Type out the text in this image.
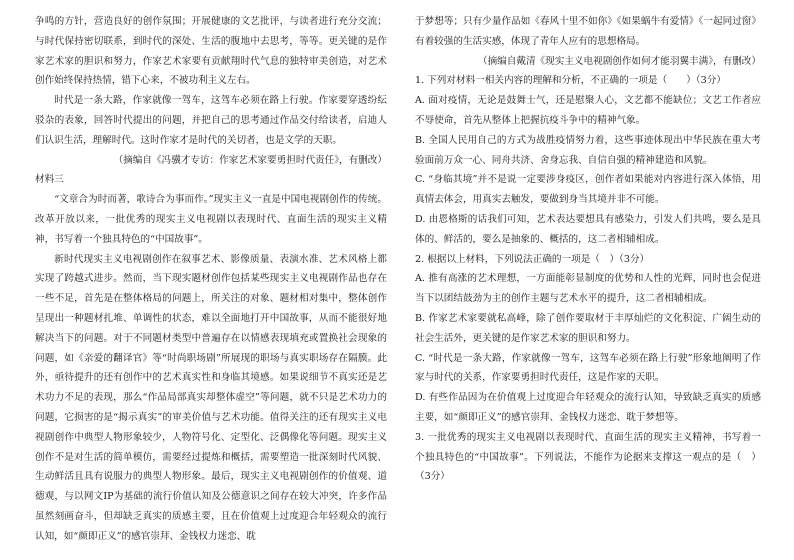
争鸣的方针，营造良好的创作氛围；开展健康的文艺批评，与读者进行充分交流；与时代保持密切联系，到时代的深处、生活的腹地中去思考，等等。更关键的是作家艺术家的胆识和努力，作家艺术家要有贡献翔时代气息的独特审美创造，对艺术创作始终保持热情，错下心来，不被功利主义左右。

时代是一条大路，作家就像一驾车，这驾车必须在路上行驶。作家要穿透纷纭驳杂的表象，回答时代提出的问题，并把自己的思考通过作品交付给读者，启迪人们认识生活，理解时代。这时作家才是时代的关切者，也是文学的天职。

（摘编自《冯骥才专访：作家艺术家要勇担时代责任》，有删改）

材料三

“文章合为时而著，歌诗合为事而作。”现实主义一直是中国电视剧创作的传统。改革开放以来，一批优秀的现实主义电视剧以表现时代、直面生活的现实主义精神，书写着一个独具特色的“中国故事”。

新时代现实主义电视剧创作在叙事艺术、影像质量、表演水准、艺术风格上都实现了跨越式进步。然而，当下现实题材创作包括某些现实主义电视剧作品也存在一些不足，首先是在整体格局的问题上，所关注的对象、题材相对集中，整体创作呈现出一种题材扎堆、单调性的状态，难以全面地打开中国故事，从而不能很好地解决当下的问题。对于不同题材类型中普遍存在以情感表现填充或置换社会现象的问题，如《亲爱的翻译官》等“时尚职场剧”所展现的职场与真实职场存在隔膜。此外，亟待提升的还有创作中的艺术真实性和身临其境感。如果说细节不真实还是艺术功力不足的表现，那么“作品局部真实却整体虚空”等问题，就不只是艺术功力的问题，它损害的是“揭示真实”的审美价值与艺术功能。值得关注的还有现实主义电视剧创作中典型人物形象较少，人物符号化、定型化、泛偶像化等问题。现实主义创作不是对生活的简单模仿，需要经过提炼和概括，需要塑造一批深刻时代风貌、生动鲜活且具有说服力的典型人物形象。最后，现实主义电视剧创作的价值观、道德观，与以网文IP为基础的流行价值认知及公德意识之间存在较大冲突，许多作品虽然刻画奋斗，但却缺乏真实的质感主要，且在价值观上过度迎合年轻观众的流行认知，如“颜即正义”的感官崇拜、金钱权力迷恋、耽

于梦想等；只有少量作品如《春风十里不如你》《如果蜗牛有爱情》《一起同过窗》有着较强的生活实感，体现了青年人应有的思想格局。

（摘编自戴清《现实主义电视剧创作如何才能羽翼丰满》，有删改）

1. 下列对材料一相关内容的理解和分析，不正确的一项是（　　）（3分）

A. 面对疫情，无论是鼓舞士气，还是慰聚人心，文艺都不能缺位；文艺工作者应不辱使命，首先从整体上把握抗疫斗争中的精神气象。

B. 全国人民用自己的方式为战胜疫情努力着，这些事迹体现出中华民族在重大考验面前万众一心、同舟共济、舍身忘我、自信自强的精神建造和风貌。

C. “身临其境”并不是说一定要涉身疫区，创作者如果能对内容进行深入体悟，用真情去体会，用真实去触发，要做到身当其境并非不可能。

D. 由恩格斯的话我们可知，艺术表达要想具有感染力，引发人们共鸣，要么是具体的、鲜活的，要么是抽象的、概括的，这二者相辅相成。

2. 根据以上材料，下列说法正确的一项是（　）（3分）

A. 推有高涨的艺术理想，一方面能彰显制度的优势和人性的光辉，同时也会促进当下以团结鼓劲为主的创作主题与艺术水平的提升，这二者相辅相成。

B. 作家艺术家要就私高峰，除了创作要取材于丰厚灿烂的文化积淀、广阔生动的社会生活外，更关键的是作家艺术家的胆识和努力。

C. “时代是一条大路，作家就像一驾车，这驾车必须在路上行驶”形象地阐明了作家与时代的关系，作家要勇担时代责任，这是作家的天职。

D. 有些作品因为在价值观上过度迎合年轻观众的流行认知，导致缺乏真实的质感主要，如“颜即正义”的感官崇拜、金钱权力迷恋、耽于梦想等。

3. 一批优秀的现实主义电视剧以表现时代、直面生活的现实主义精神，书写着一个独具特色的“中国故事”。下列说法，不能作为论据来支撑这一观点的是（　）（3分）
